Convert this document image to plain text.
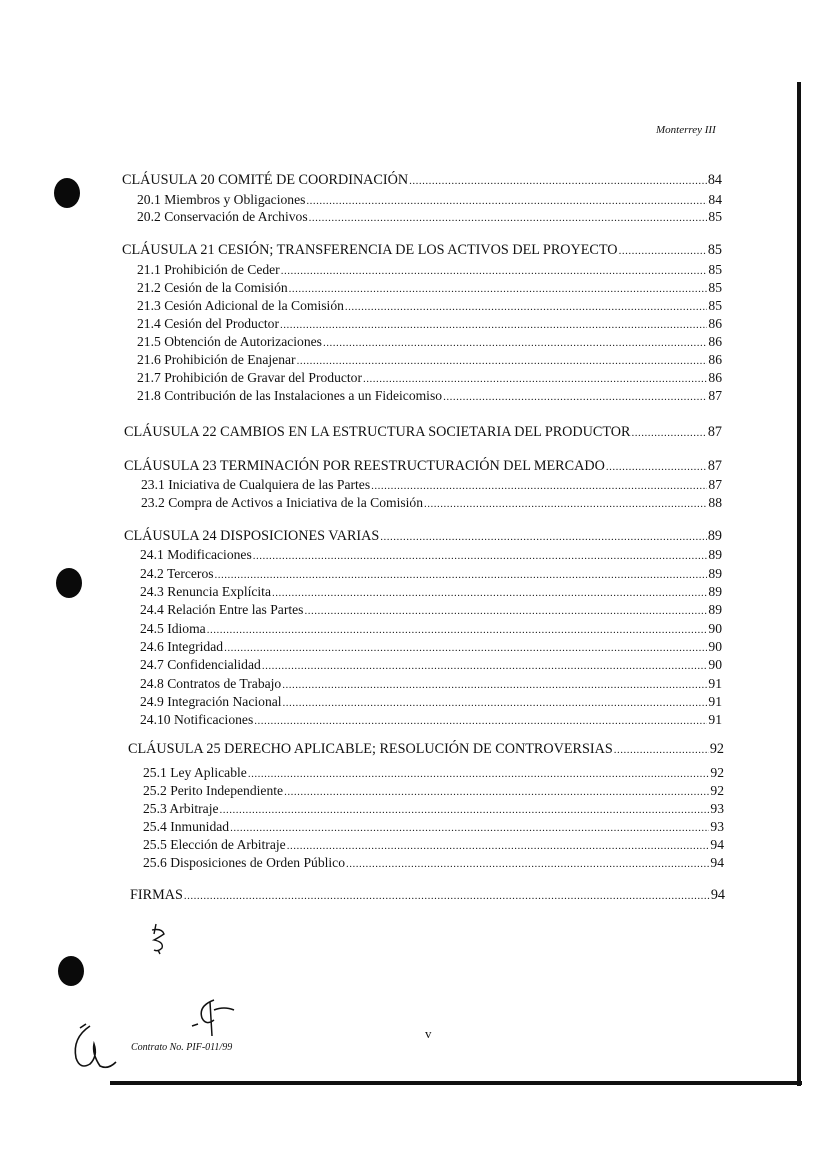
Monterrey III
CLÁUSULA 20 COMITÉ DE COORDINACIÓN .....	84
20.1 Miembros y Obligaciones .....	84
20.2 Conservación de Archivos .....	85
CLÁUSULA 21 CESIÓN; TRANSFERENCIA DE LOS ACTIVOS DEL PROYECTO .....	85
21.1 Prohibición de Ceder .....	85
21.2 Cesión de la Comisión .....	85
21.3 Cesión Adicional de la Comisión .....	85
21.4 Cesión del Productor .....	86
21.5 Obtención de Autorizaciones .....	86
21.6 Prohibición de Enajenar .....	86
21.7 Prohibición de Gravar del Productor .....	86
21.8 Contribución de las Instalaciones a un Fideicomiso .....	87
CLÁUSULA 22 CAMBIOS EN LA ESTRUCTURA SOCIETARIA DEL PRODUCTOR .....	87
CLÁUSULA 23 TERMINACIÓN POR REESTRUCTURACIÓN DEL MERCADO .....	87
23.1 Iniciativa de Cualquiera de las Partes .....	87
23.2 Compra de Activos a Iniciativa de la Comisión .....	88
CLÁUSULA 24 DISPOSICIONES VARIAS .....	89
24.1 Modificaciones .....	89
24.2 Terceros .....	89
24.3 Renuncia Explícita .....	89
24.4 Relación Entre las Partes .....	89
24.5 Idioma .....	90
24.6 Integridad .....	90
24.7 Confidencialidad .....	90
24.8 Contratos de Trabajo .....	91
24.9 Integración Nacional .....	91
24.10 Notificaciones .....	91
CLÁUSULA 25 DERECHO APLICABLE; RESOLUCIÓN DE CONTROVERSIAS .....	92
25.1 Ley Aplicable .....	92
25.2 Perito Independiente .....	92
25.3 Arbitraje .....	93
25.4 Inmunidad .....	93
25.5 Elección de Arbitraje .....	94
25.6 Disposiciones de Orden Público .....	94
FIRMAS .....	94
Contrato No. PIF-011/99
v
